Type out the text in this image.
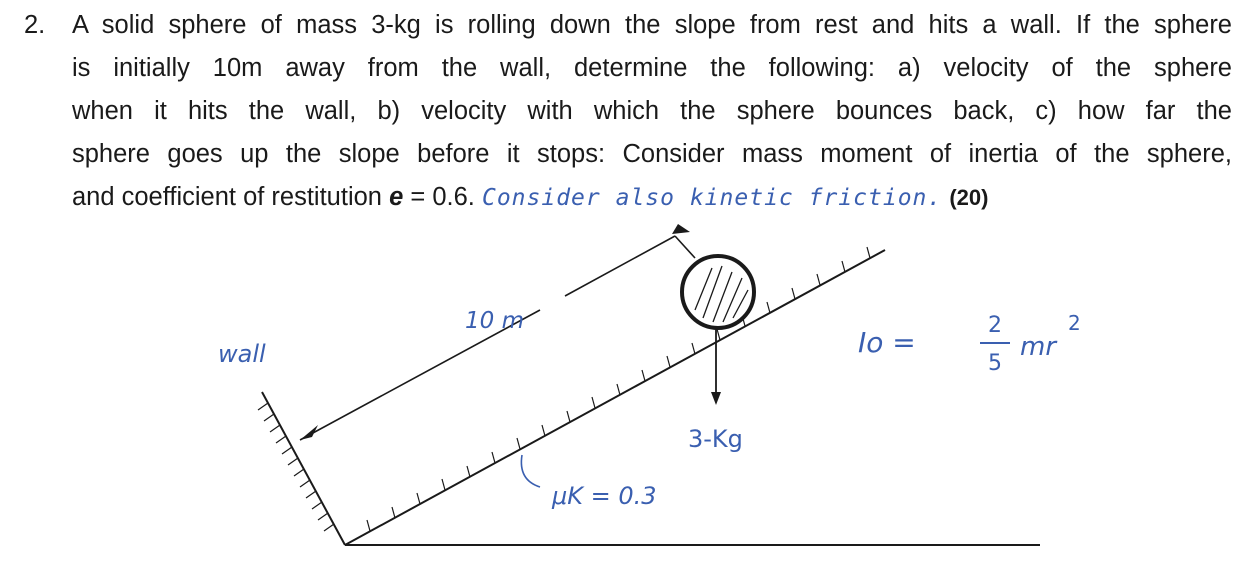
2. A solid sphere of mass 3-kg is rolling down the slope from rest and hits a wall. If the sphere
is initially 10m away from the wall, determine the following: a) velocity of the sphere
when it hits the wall, b) velocity with which the sphere bounces back, c) how far the
sphere goes up the slope before it stops: Consider mass moment of inertia of the sphere,
and coefficient of restitution e = 0.6. Consider also kinetic friction. (20)
wall
10 m
3-Kg
μK = 0.3
Io =
2
5
mr
2
